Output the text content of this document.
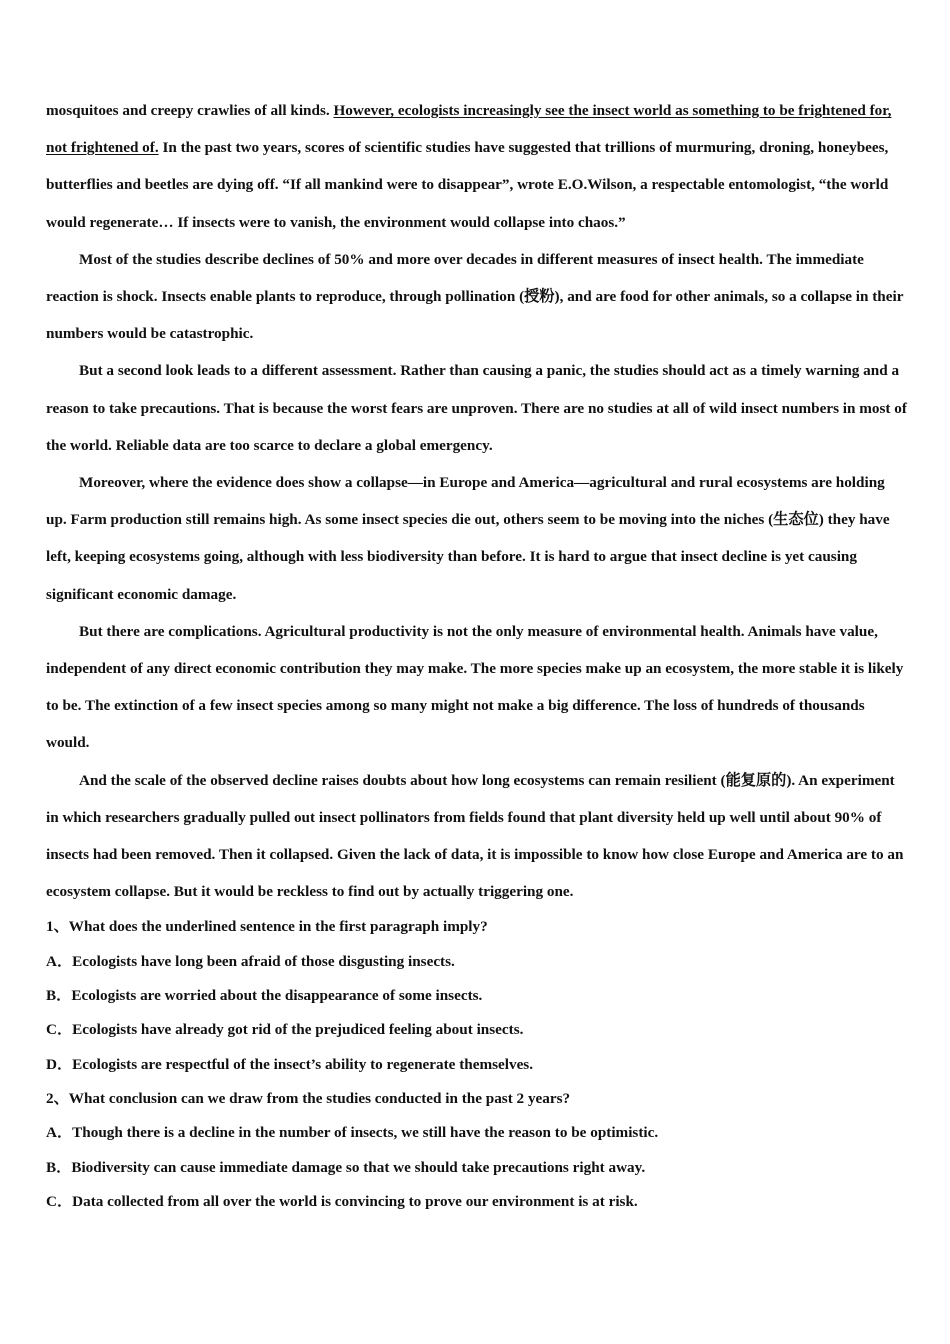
mosquitoes and creepy crawlies of all kinds. However, ecologists increasingly see the insect world as something to be frightened for, not frightened of. In the past two years, scores of scientific studies have suggested that trillions of murmuring, droning, honeybees, butterflies and beetles are dying off. “If all mankind were to disappear”, wrote E.O.Wilson, a respectable entomologist, “the world would regenerate… If insects were to vanish, the environment would collapse into chaos.”

Most of the studies describe declines of 50% and more over decades in different measures of insect health. The immediate reaction is shock. Insects enable plants to reproduce, through pollination (授粉), and are food for other animals, so a collapse in their numbers would be catastrophic.

But a second look leads to a different assessment. Rather than causing a panic, the studies should act as a timely warning and a reason to take precautions. That is because the worst fears are unproven. There are no studies at all of wild insect numbers in most of the world. Reliable data are too scarce to declare a global emergency.

Moreover, where the evidence does show a collapse—in Europe and America—agricultural and rural ecosystems are holding up. Farm production still remains high. As some insect species die out, others seem to be moving into the niches (生态位) they have left, keeping ecosystems going, although with less biodiversity than before. It is hard to argue that insect decline is yet causing significant economic damage.

But there are complications. Agricultural productivity is not the only measure of environmental health. Animals have value, independent of any direct economic contribution they may make. The more species make up an ecosystem, the more stable it is likely to be. The extinction of a few insect species among so many might not make a big difference. The loss of hundreds of thousands would.

And the scale of the observed decline raises doubts about how long ecosystems can remain resilient (能复原的). An experiment in which researchers gradually pulled out insect pollinators from fields found that plant diversity held up well until about 90% of insects had been removed. Then it collapsed. Given the lack of data, it is impossible to know how close Europe and America are to an ecosystem collapse. But it would be reckless to find out by actually triggering one.

1、What does the underlined sentence in the first paragraph imply?

A．Ecologists have long been afraid of those disgusting insects.

B．Ecologists are worried about the disappearance of some insects.

C．Ecologists have already got rid of the prejudiced feeling about insects.

D．Ecologists are respectful of the insect’s ability to regenerate themselves.

2、What conclusion can we draw from the studies conducted in the past 2 years?

A．Though there is a decline in the number of insects, we still have the reason to be optimistic.

B．Biodiversity can cause immediate damage so that we should take precautions right away.

C．Data collected from all over the world is convincing to prove our environment is at risk.
